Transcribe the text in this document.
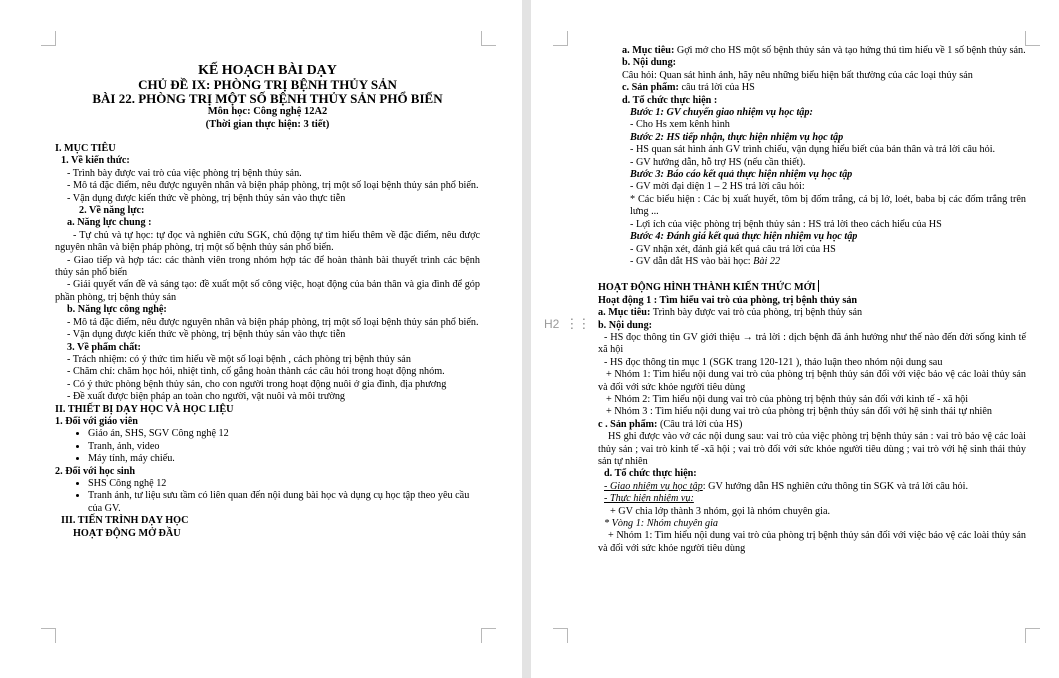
KẾ HOẠCH BÀI DẠY
CHỦ ĐỀ IX: PHÒNG TRỊ BỆNH THỦY SẢN
BÀI 22. PHÒNG TRỊ MỘT SỐ BỆNH THỦY SẢN PHỔ BIẾN
Môn học: Công nghệ 12A2
(Thời gian thực hiện: 3 tiết)
I. MỤC TIÊU
1. Về kiến thức:
- Trình bày được vai trò của việc phòng trị bệnh thủy sản.
- Mô tả đặc điểm, nêu được nguyên nhân và biện pháp phòng, trị một số loại bệnh thủy sản phổ biến.
- Vận dụng được kiến thức về phòng, trị bệnh thủy sản vào thực tiễn
2. Về năng lực:
a. Năng lực chung :
- Tự chủ và tự học: tự đọc và nghiên cứu SGK, chủ động tự tìm hiểu thêm về đặc điểm, nêu được nguyên nhân và biện pháp phòng, trị một số bệnh thủy sản phổ biến.
- Giao tiếp và hợp tác: các thành viên trong nhóm hợp tác để hoàn thành bài thuyết trình các bệnh thủy sản phổ biến
- Giải quyết vấn đề và sáng tạo: đề xuất một số công việc, hoạt động của bản thân và gia đình để góp phần phòng, trị bệnh thủy sản
b. Năng lực công nghệ:
- Mô tả đặc điểm, nêu được nguyên nhân và biện pháp phòng, trị một số loại bệnh thủy sản phổ biến.
- Vận dụng được kiến thức về phòng, trị bệnh thủy sản vào thực tiễn
3. Về phẩm chất:
- Trách nhiệm: có ý thức tìm hiểu về một số loại bệnh , cách phòng trị bệnh thủy sản
- Chăm chỉ: chăm học hỏi, nhiệt tình, cố gắng hoàn thành các câu hỏi trong hoạt động nhóm.
- Có ý thức phòng bệnh thủy sản, cho con người trong hoạt động nuôi ở gia đình, địa phương
- Đề xuất được biện pháp an toàn cho người, vật nuôi và môi trường
II. THIẾT BỊ DẠY HỌC VÀ HỌC LIỆU
1. Đối với giáo viên
• Giáo án, SHS, SGV Công nghệ 12
• Tranh, ảnh, video
• Máy tính, máy chiếu.
2. Đối với học sinh
• SHS Công nghệ 12
• Tranh ảnh, tư liệu sưu tầm có liên quan đến nội dung bài học và dụng cụ học tập theo yêu cầu của GV.
III. TIẾN TRÌNH DẠY HỌC
HOẠT ĐỘNG MỞ ĐẦU
H2 ⋮⋮
a. Mục tiêu: Gợi mở cho HS một số bệnh thủy sản và tạo hứng thú tìm hiểu về 1 số bệnh thủy sản.
b. Nội dung:
Câu hỏi: Quan sát hình ảnh, hãy nêu những biểu hiện bất thường của các loại thủy sản
c. Sản phẩm: câu trả lời của HS
d. Tổ chức thực hiện :
Bước 1: GV chuyển giao nhiệm vụ học tập:
- Cho Hs xem kênh hình
Bước 2: HS tiếp nhận, thực hiện nhiệm vụ học tập
- HS quan sát hình ảnh GV trình chiếu, vận dụng hiểu biết của bản thân và trả lời câu hỏi.
- GV hướng dẫn, hỗ trợ HS (nếu cần thiết).
Bước 3: Báo cáo kết quả thực hiện nhiệm vụ học tập
- GV mời đại diện 1 – 2 HS trả lời câu hỏi:
* Các biểu hiện : Các bị xuất huyết, tôm bị đốm trắng, cá bị lở, loét, baba bị các đốm trắng trên lưng ...
- Lợi ích của việc phòng trị bệnh thủy sản : HS trả lời theo cách hiểu của HS
Bước 4: Đánh giá kết quả thực hiện nhiệm vụ học tập
- GV nhận xét, đánh giá kết quả câu trả lời của HS
- GV dẫn dắt HS vào bài học: Bài 22
HOẠT ĐỘNG HÌNH THÀNH KIẾN THỨC MỚI
Hoạt động 1 : Tìm hiểu vai trò của phòng, trị bệnh thủy sản
a. Mục tiêu: Trình bày được vai trò của phòng, trị bệnh thủy sản
b. Nội dung:
- HS đọc thông tin GV giới thiệu → trả lời : dịch bệnh đã ảnh hưởng như thế nào đến đời sống kinh tế xã hội
- HS đọc thông tin mục 1 (SGK trang 120-121 ), thảo luận theo nhóm nội dung sau
+ Nhóm 1: Tìm hiểu nội dung vai trò của phòng trị bệnh thủy sản đối với việc bảo vệ các loài thủy sản và đối với sức khỏe người tiêu dùng
+ Nhóm 2: Tìm hiểu nội dung vai trò của phòng trị bệnh thủy sản đối với kinh tế - xã hội
+ Nhóm 3 : Tìm hiểu nội dung vai trò của phòng trị bệnh thủy sản đối với hệ sinh thái tự nhiên
c . Sản phẩm: (Câu trả lời của HS)
HS ghi được vào vở các nội dung sau: vai trò của việc phòng trị bệnh thủy sản : vai trò bảo vệ các loài thủy sản ; vai trò kinh tế -xã hội ; vai trò đối với sức khỏe người tiêu dùng ; vai trò với hệ sinh thái thủy sản tự nhiên
d. Tổ chức thực hiện:
- Giao nhiệm vụ học tập: GV hướng dẫn HS nghiên cứu thông tin SGK và trả lời câu hỏi.
- Thực hiện nhiệm vụ:
+ GV chia lớp thành 3 nhóm, gọi là nhóm chuyên gia.
* Vòng 1: Nhóm chuyên gia
+ Nhóm 1: Tìm hiểu nội dung vai trò của phòng trị bệnh thủy sản đối với việc bảo vệ các loài thủy sản và đối với sức khỏe người tiêu dùng
